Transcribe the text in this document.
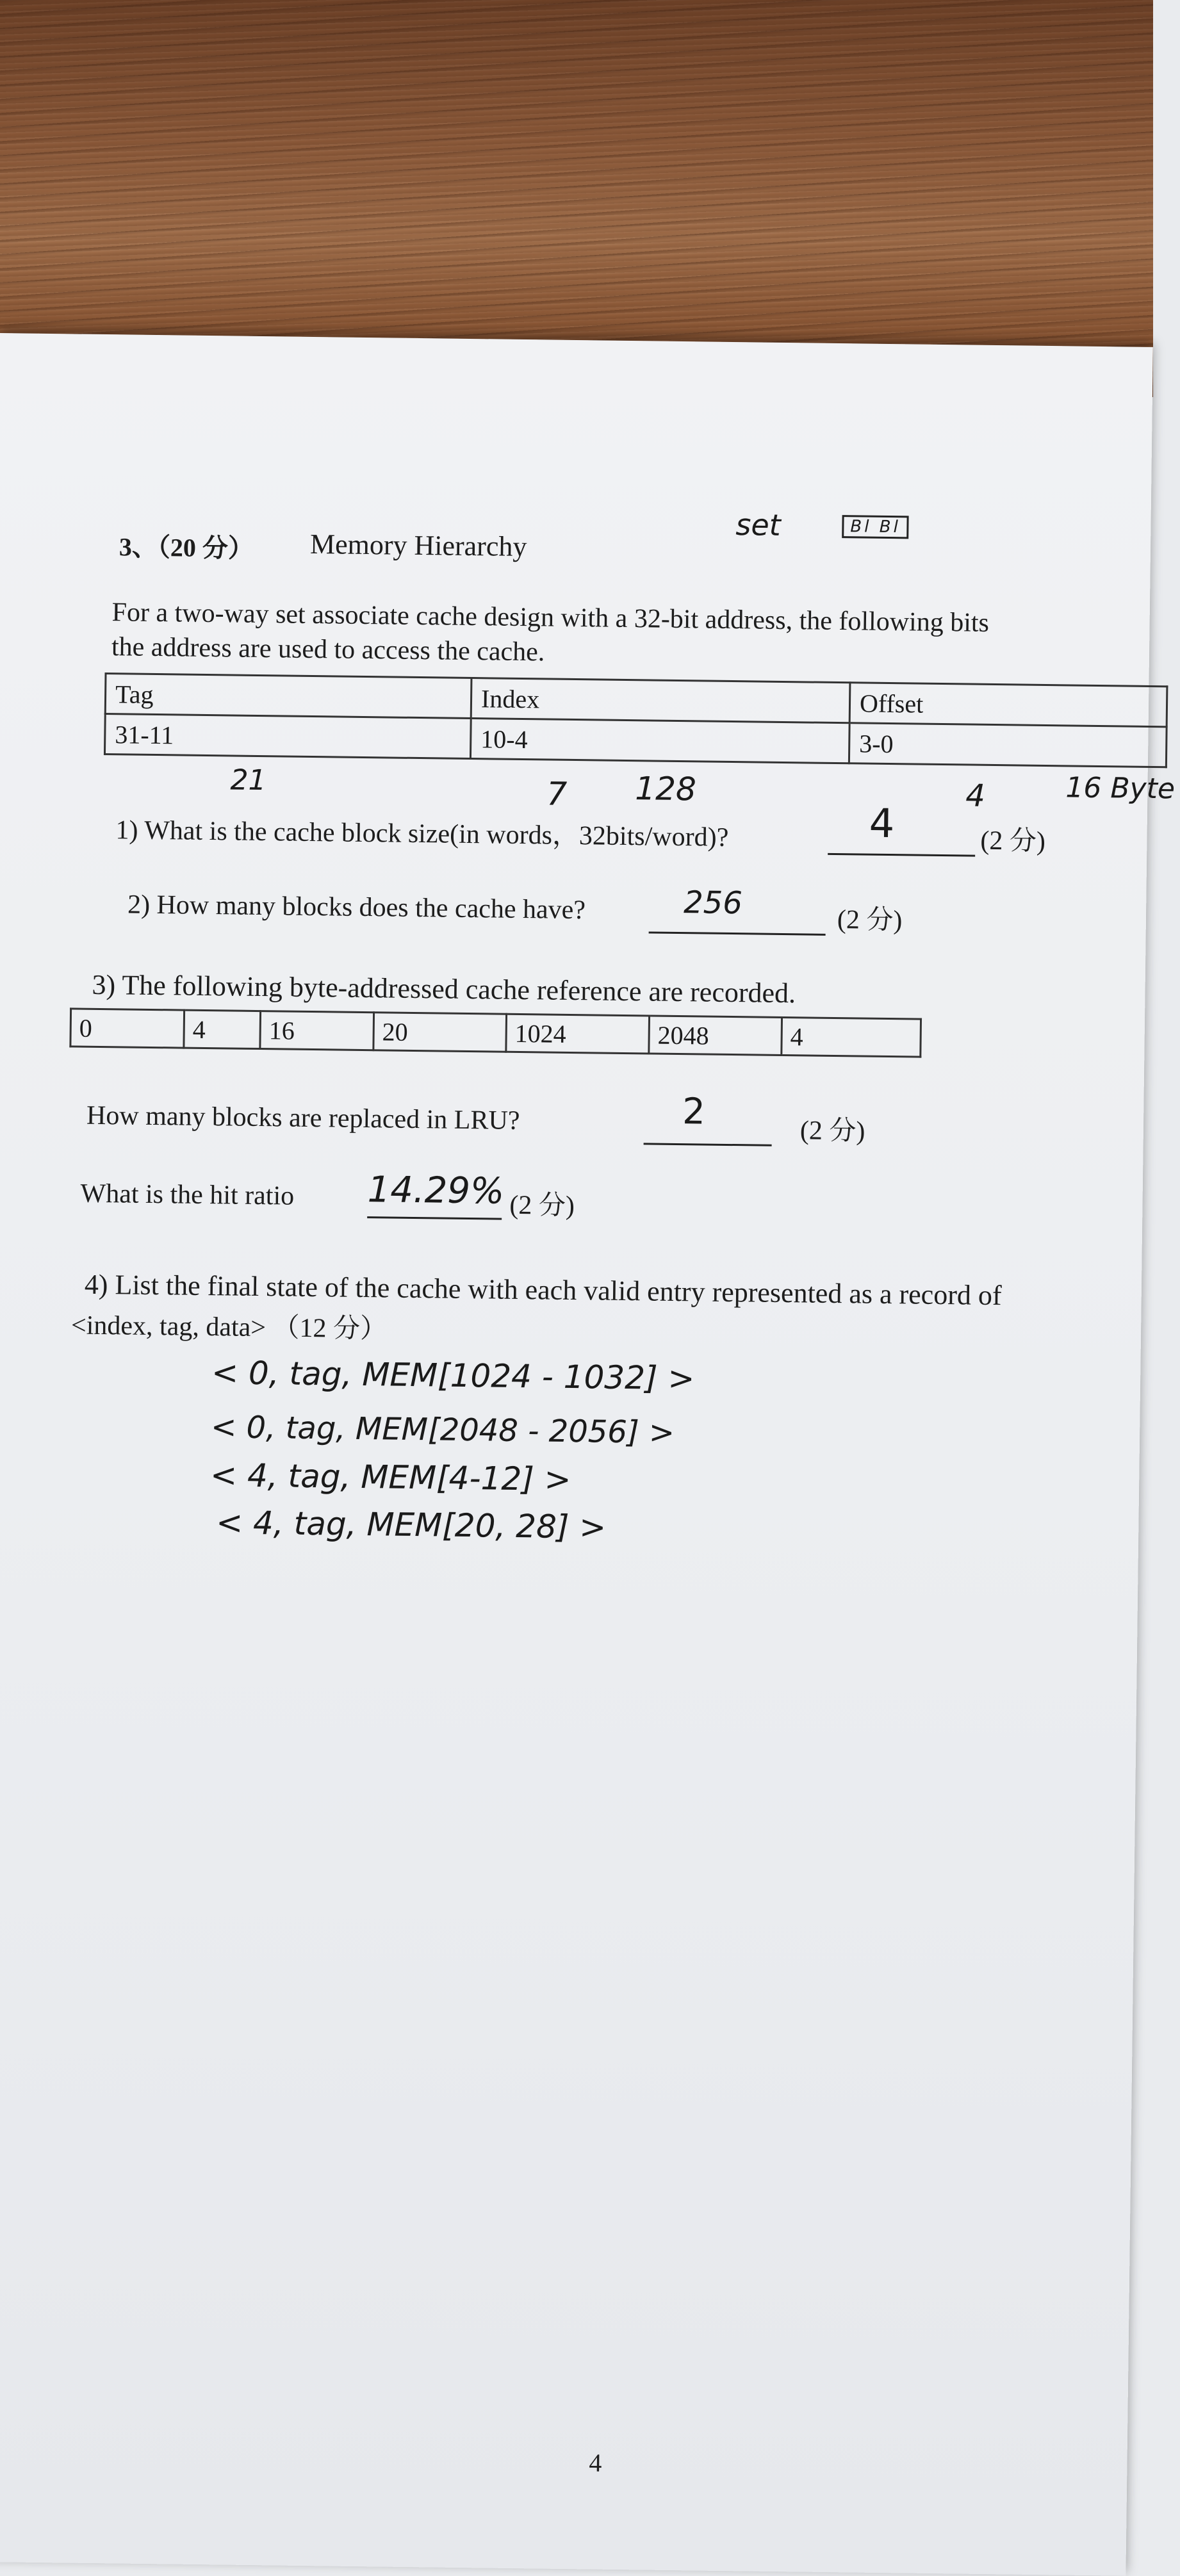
3、（20 分） Memory Hierarchy
set	Bl Bl
For a two-way set associate cache design with a 32-bit address, the following bits
the address are used to access the cache.
Tag	Index	Offset
31-11	10-4	3-0
21	7 128	4	16 Byte
1) What is the cache block size(in words，32bits/word)?	4	(2 分)
2) How many blocks does the cache have?	256	(2 分)
3) The following byte-addressed cache reference are recorded.
0	4	16	20	1024	2048	4
How many blocks are replaced in LRU?	2	(2 分)
What is the hit ratio 14.29% (2 分)
4) List the final state of the cache with each valid entry represented as a record of
<index, tag, data> （12 分）
< 0, tag, MEM[1024 - 1032] >
< 0, tag, MEM[2048 - 2056] >
< 4, tag, MEM[4-12] >
< 4, tag, MEM[20, 28] >
4
